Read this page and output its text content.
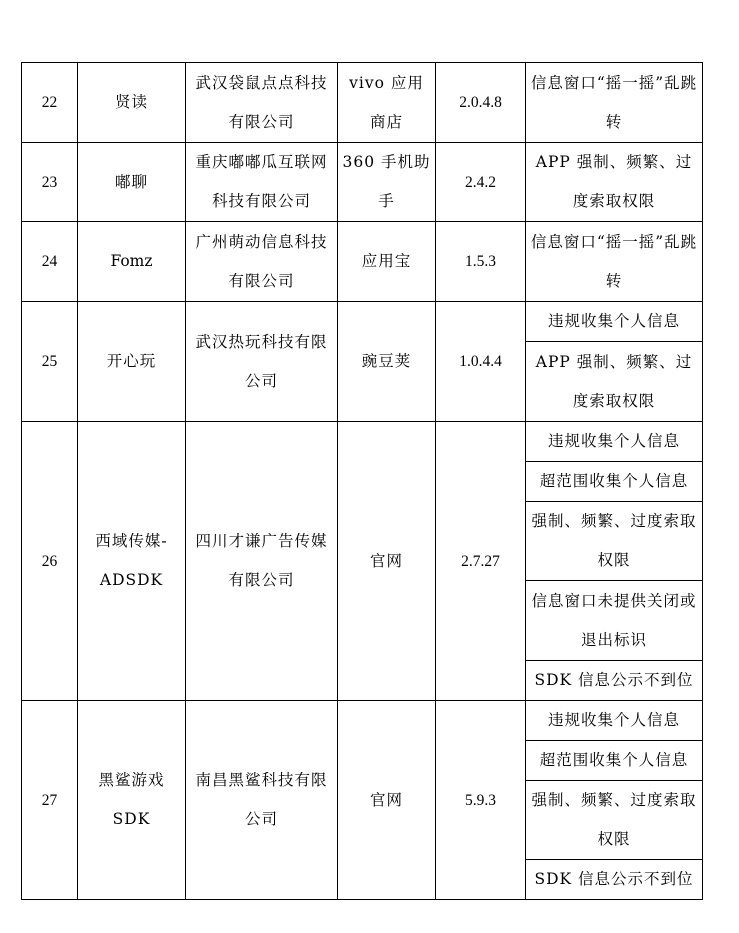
22	贤读	武汉袋鼠点点科技有限公司	vivo 应用商店	2.0.4.8	信息窗口“摇一摇”乱跳转
23	嘟聊	重庆嘟嘟瓜互联网科技有限公司	360 手机助手	2.4.2	APP 强制、频繁、过度索取权限
24	Fomz	广州萌动信息科技有限公司	应用宝	1.5.3	信息窗口“摇一摇”乱跳转
25	开心玩	武汉热玩科技有限公司	豌豆荚	1.0.4.4	违规收集个人信息
					APP 强制、频繁、过度索取权限
26	西域传媒-ADSDK	四川才谦广告传媒有限公司	官网	2.7.27	违规收集个人信息
					超范围收集个人信息
					强制、频繁、过度索取权限
					信息窗口未提供关闭或退出标识
					SDK 信息公示不到位
27	黑鲨游戏SDK	南昌黑鲨科技有限公司	官网	5.9.3	违规收集个人信息
					超范围收集个人信息
					强制、频繁、过度索取权限
					SDK 信息公示不到位
